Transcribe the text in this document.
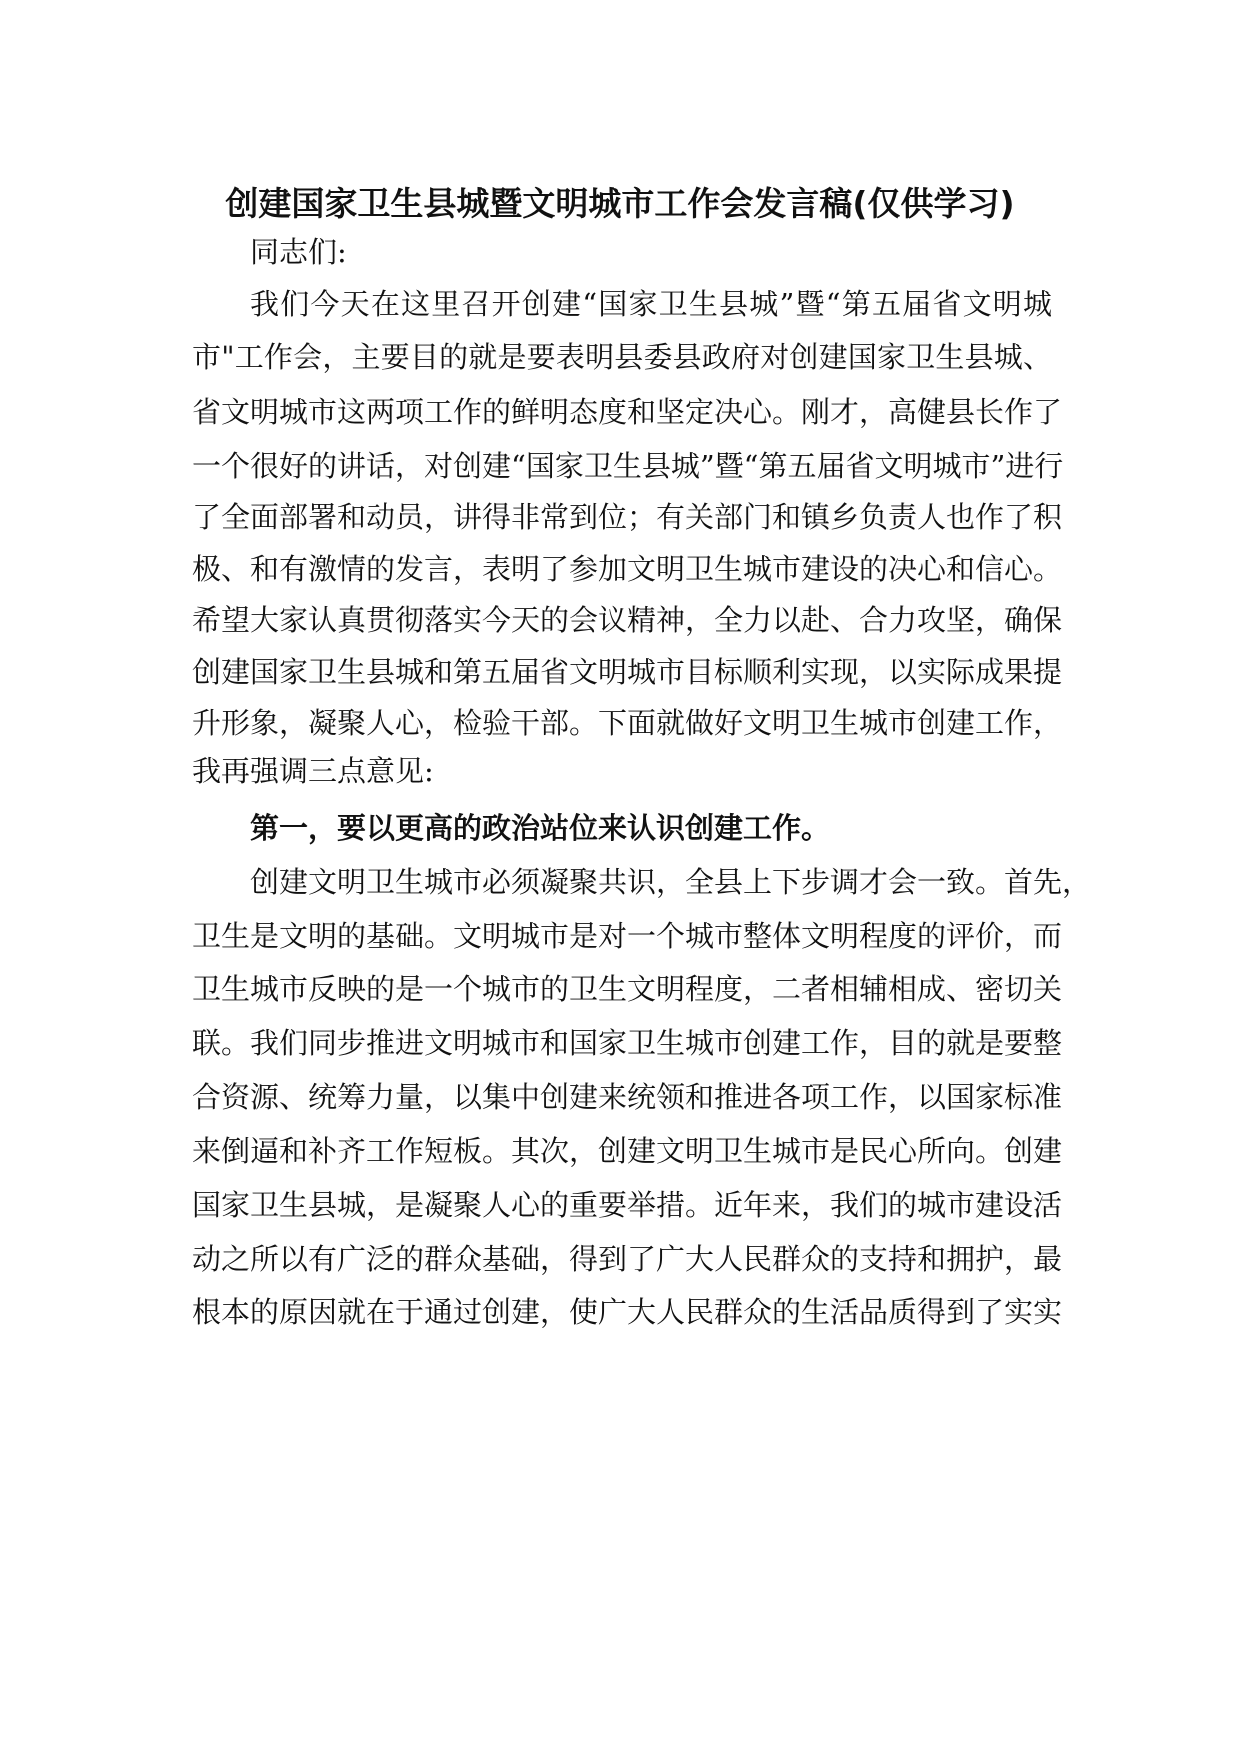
创建国家卫生县城暨文明城市工作会发言稿(仅供学习)
同志们:
我们今天在这里召开创建“国家卫生县城”暨“第五届省文明城
市"工作会，主要目的就是要表明县委县政府对创建国家卫生县城、
省文明城市这两项工作的鲜明态度和坚定决心。刚才，高健县长作了
一个很好的讲话，对创建“国家卫生县城”暨“第五届省文明城市”进行
了全面部署和动员，讲得非常到位；有关部门和镇乡负责人也作了积
极、和有激情的发言，表明了参加文明卫生城市建设的决心和信心。
希望大家认真贯彻落实今天的会议精神，全力以赴、合力攻坚，确保
创建国家卫生县城和第五届省文明城市目标顺利实现，以实际成果提
升形象，凝聚人心，检验干部。下面就做好文明卫生城市创建工作，
我再强调三点意见:
第一，要以更高的政治站位来认识创建工作。
创建文明卫生城市必须凝聚共识，全县上下步调才会一致。首先，
卫生是文明的基础。文明城市是对一个城市整体文明程度的评价，而
卫生城市反映的是一个城市的卫生文明程度，二者相辅相成、密切关
联。我们同步推进文明城市和国家卫生城市创建工作，目的就是要整
合资源、统筹力量，以集中创建来统领和推进各项工作，以国家标准
来倒逼和补齐工作短板。其次，创建文明卫生城市是民心所向。创建
国家卫生县城，是凝聚人心的重要举措。近年来，我们的城市建设活
动之所以有广泛的群众基础，得到了广大人民群众的支持和拥护，最
根本的原因就在于通过创建，使广大人民群众的生活品质得到了实实
